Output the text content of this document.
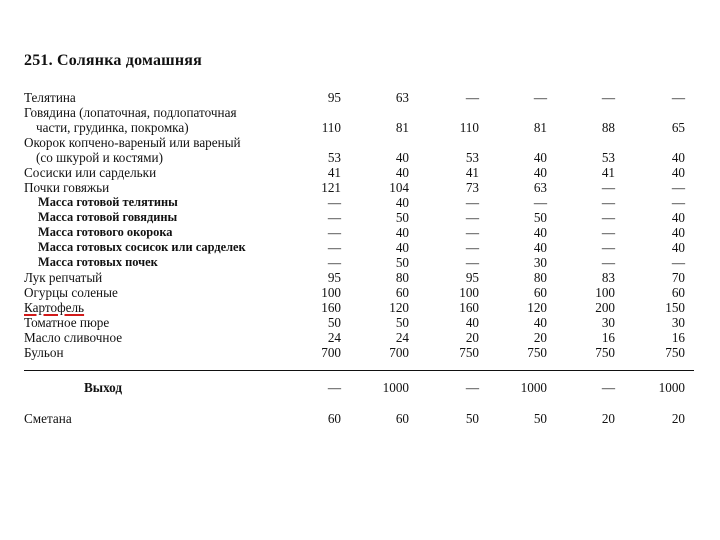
251. Солянка домашняя
Телятина	95	63	—	—	—	—
Говядина (лопаточная, подлопаточная
части, грудинка, покромка)	110	81	110	81	88	65
Окорок копчено-вареный или вареный
(со шкурой и костями)	53	40	53	40	53	40
Сосиски или сардельки	41	40	41	40	41	40
Почки говяжьи	121	104	73	63	—	—
Масса готовой телятины	—	40	—	—	—	—
Масса готовой говядины	—	50	—	50	—	40
Масса готового окорока	—	40	—	40	—	40
Масса готовых сосисок или сарделек	—	40	—	40	—	40
Масса готовых почек	—	50	—	30	—	—
Лук репчатый	95	80	95	80	83	70
Огурцы соленые	100	60	100	60	100	60
Картофель	160	120	160	120	200	150
Томатное пюре	50	50	40	40	30	30
Масло сливочное	24	24	20	20	16	16
Бульон	700	700	750	750	750	750
Выход	—	1000	—	1000	—	1000
Сметана	60	60	50	50	20	20
